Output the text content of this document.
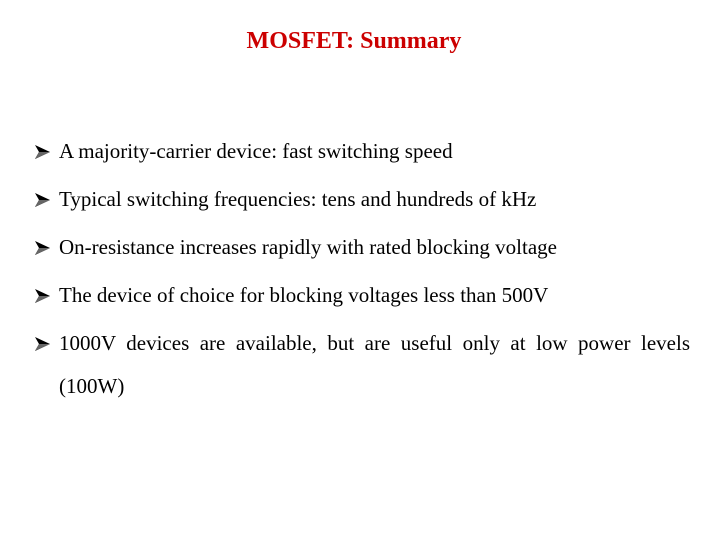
MOSFET: Summary
A majority-carrier device: fast switching speed
Typical switching frequencies: tens and hundreds of kHz
On-resistance increases rapidly with rated blocking voltage
The device of choice for blocking voltages less than 500V
1000V devices are available, but are useful only at low power levels (100W)
